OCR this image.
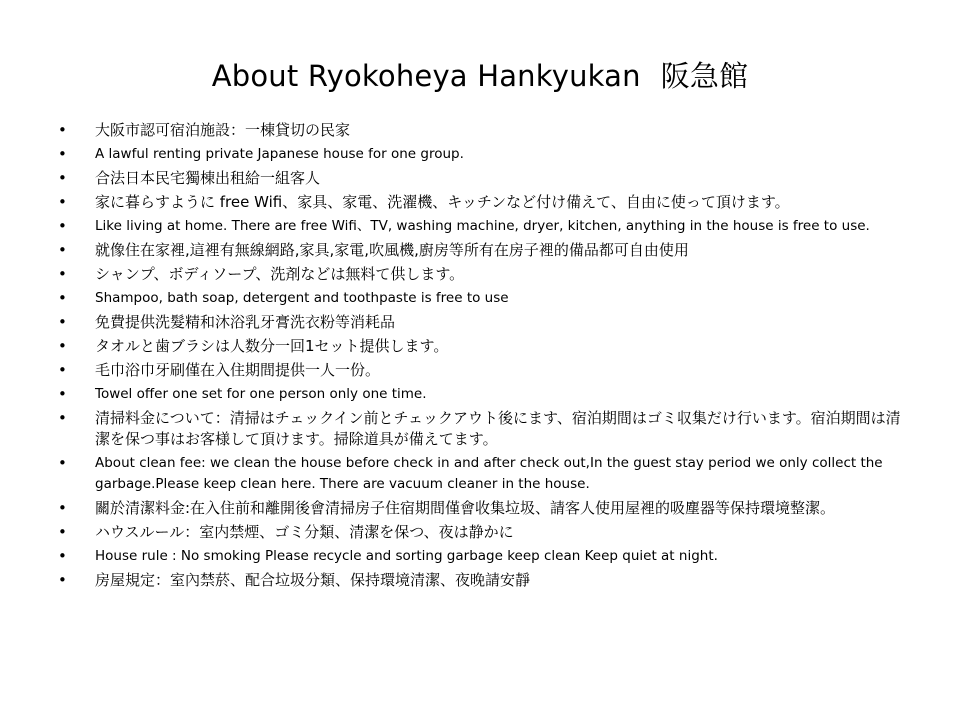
About Ryokoheya Hankyukan 阪急館
• 大阪市認可宿泊施設：一棟貸切の民家
• A lawful renting private Japanese house for one group.
• 合法日本民宅獨棟出租給一組客人
• 家に暮らすように free Wifi、家具、家電、洗濯機、キッチンなど付け備えて、自由に使って頂けます。
• Like living at home. There are free Wifi、TV, washing machine, dryer, kitchen, anything in the house is free to use.
• 就像住在家裡,這裡有無線網路,家具,家電,吹風機,廚房等所有在房子裡的備品都可自由使用
• シャンプ、ボディソープ、洗剤などは無料て供します。
• Shampoo, bath soap, detergent and toothpaste is free to use
• 免費提供洗髮精和沐浴乳牙膏洗衣粉等消耗品
• タオルと歯ブラシは人数分一回1セット提供します。
• 毛巾浴巾牙刷僅在入住期間提供一人一份。
• Towel offer one set for one person only one time.
• 清掃料金について：清掃はチェックイン前とチェックアウト後にます、宿泊期間はゴミ収集だけ行います。宿泊期間は清潔を保つ事はお客様して頂けます。掃除道具が備えてます。
• About clean fee: we clean the house before check in and after check out,In the guest stay period we only collect the garbage.Please keep clean here. There are vacuum cleaner in the house.
• 關於清潔料金:在入住前和離開後會清掃房子住宿期間僅會收集垃圾、請客人使用屋裡的吸塵器等保持環境整潔。
• ハウスルール：室内禁煙、ゴミ分類、清潔を保つ、夜は静かに
• House rule : No smoking Please recycle and sorting garbage keep clean Keep quiet at night.
• 房屋規定：室內禁菸、配合垃圾分類、保持環境清潔、夜晚請安靜
